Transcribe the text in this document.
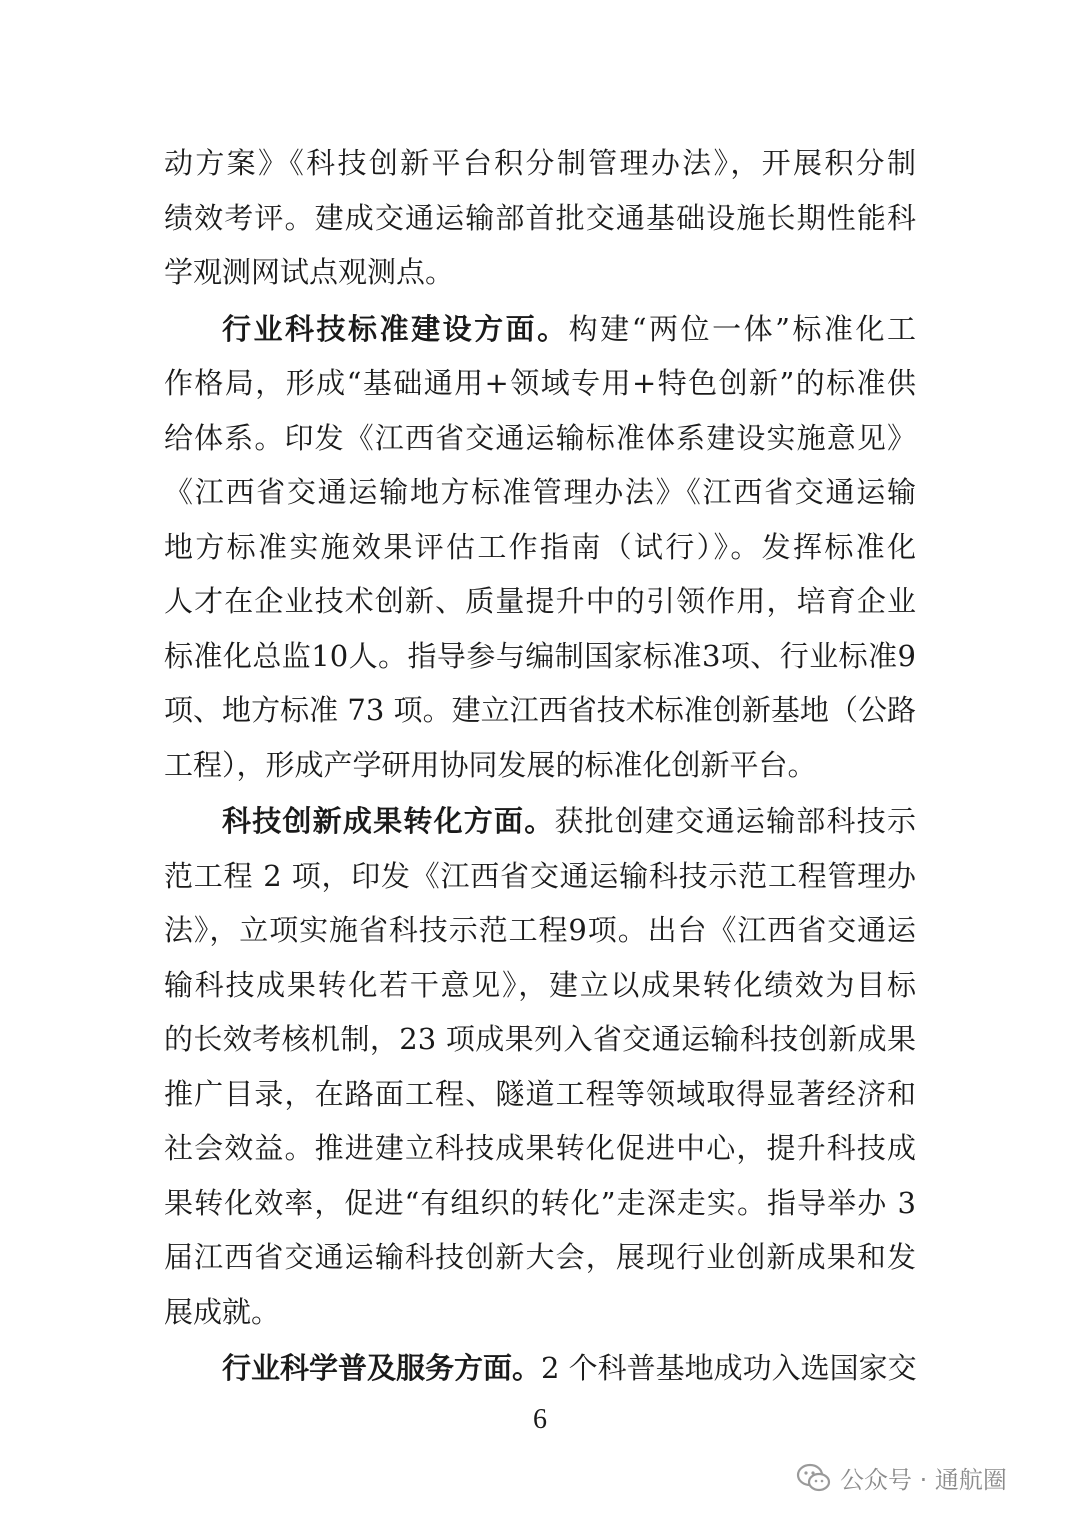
动方案》《科技创新平台积分制管理办法》，开展积分制
绩效考评。建成交通运输部首批交通基础设施长期性能科
学观测网试点观测点。
行业科技标准建设方面。构建“两位一体”标准化工
作格局，形成“基础通用+领域专用+特色创新”的标准供
给体系。印发《江西省交通运输标准体系建设实施意见》
《江西省交通运输地方标准管理办法》《江西省交通运输
地方标准实施效果评估工作指南（试行）》。发挥标准化
人才在企业技术创新、质量提升中的引领作用，培育企业
标准化总监10人。指导参与编制国家标准3项、行业标准9
项、地方标准 73 项。建立江西省技术标准创新基地（公路
工程），形成产学研用协同发展的标准化创新平台。
科技创新成果转化方面。获批创建交通运输部科技示
范工程 2 项，印发《江西省交通运输科技示范工程管理办
法》，立项实施省科技示范工程9项。出台《江西省交通运
输科技成果转化若干意见》，建立以成果转化绩效为目标
的长效考核机制，23 项成果列入省交通运输科技创新成果
推广目录，在路面工程、隧道工程等领域取得显著经济和
社会效益。推进建立科技成果转化促进中心，提升科技成
果转化效率，促进“有组织的转化”走深走实。指导举办 3
届江西省交通运输科技创新大会，展现行业创新成果和发
展成就。
行业科学普及服务方面。2 个科普基地成功入选国家交
6
公众号 · 通航圈
